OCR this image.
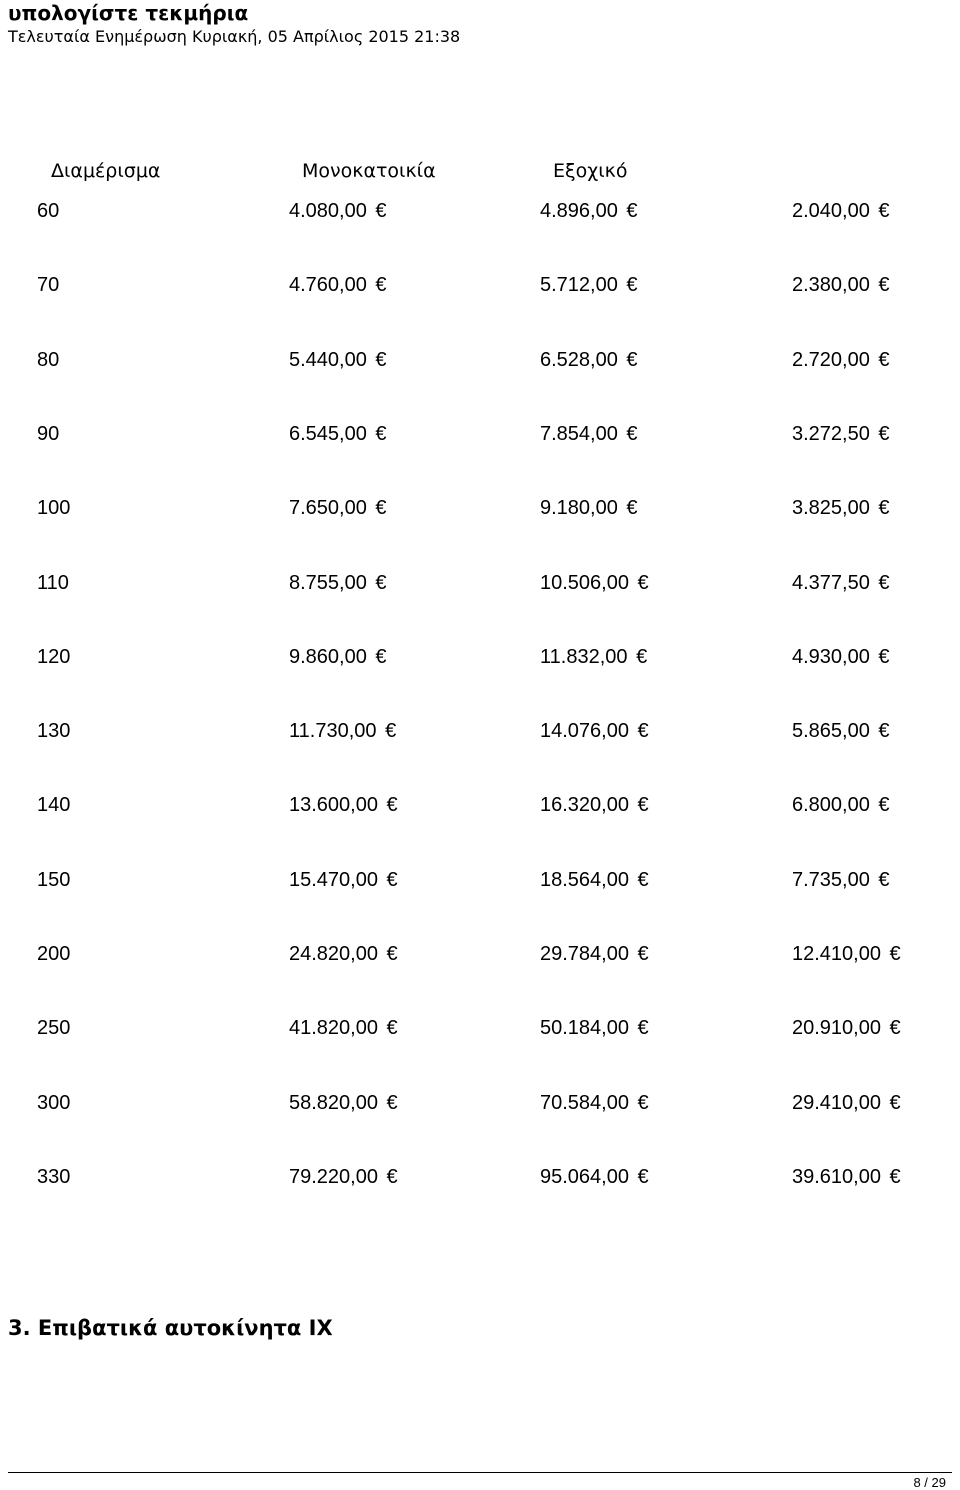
υπολογίστε τεκμήρια
Τελευταία Ενημέρωση Κυριακή, 05 Απρίλιος 2015 21:38
Διαμέρισμα	Μονοκατοικία	Εξοχικό
60	4.080,00 €	4.896,00 €	2.040,00 €
70	4.760,00 €	5.712,00 €	2.380,00 €
80	5.440,00 €	6.528,00 €	2.720,00 €
90	6.545,00 €	7.854,00 €	3.272,50 €
100	7.650,00 €	9.180,00 €	3.825,00 €
110	8.755,00 €	10.506,00 €	4.377,50 €
120	9.860,00 €	11.832,00 €	4.930,00 €
130	11.730,00 €	14.076,00 €	5.865,00 €
140	13.600,00 €	16.320,00 €	6.800,00 €
150	15.470,00 €	18.564,00 €	7.735,00 €
200	24.820,00 €	29.784,00 €	12.410,00 €
250	41.820,00 €	50.184,00 €	20.910,00 €
300	58.820,00 €	70.584,00 €	29.410,00 €
330	79.220,00 €	95.064,00 €	39.610,00 €
3. Επιβατικά αυτοκίνητα ΙΧ
8 / 29
